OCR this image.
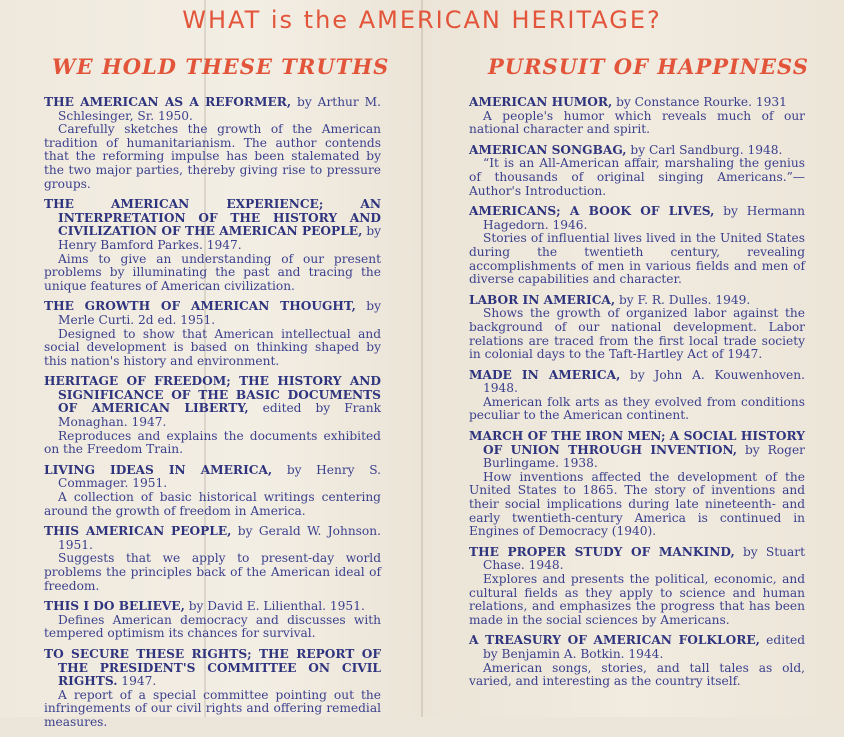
WHAT is the AMERICAN HERITAGE?
WE HOLD THESE TRUTHS	PURSUIT OF HAPPINESS
THE AMERICAN AS A REFORMER, by Arthur M. Schlesinger, Sr. 1950.
Carefully sketches the growth of the American tradition of humanitarianism. The author contends that the reforming impulse has been stalemated by the two major parties, thereby giving rise to pressure groups.
THE AMERICAN EXPERIENCE; AN INTERPRETATION OF THE HISTORY AND CIVILIZATION OF THE AMERICAN PEOPLE, by Henry Bamford Parkes. 1947.
Aims to give an understanding of our present problems by illuminating the past and tracing the unique features of American civilization.
THE GROWTH OF AMERICAN THOUGHT, by Merle Curti. 2d ed. 1951.
Designed to show that American intellectual and social development is based on thinking shaped by this nation's history and environment.
HERITAGE OF FREEDOM; THE HISTORY AND SIGNIFICANCE OF THE BASIC DOCUMENTS OF AMERICAN LIBERTY, edited by Frank Monaghan. 1947.
Reproduces and explains the documents exhibited on the Freedom Train.
LIVING IDEAS IN AMERICA, by Henry S. Commager. 1951.
A collection of basic historical writings centering around the growth of freedom in America.
THIS AMERICAN PEOPLE, by Gerald W. Johnson. 1951.
Suggests that we apply to present-day world problems the principles back of the American ideal of freedom.
THIS I DO BELIEVE, by David E. Lilienthal. 1951.
Defines American democracy and discusses with tempered optimism its chances for survival.
TO SECURE THESE RIGHTS; THE REPORT OF THE PRESIDENT'S COMMITTEE ON CIVIL RIGHTS. 1947.
A report of a special committee pointing out the infringements of our civil rights and offering remedial measures.
AMERICAN HUMOR, by Constance Rourke. 1931
A people's humor which reveals much of our national character and spirit.
AMERICAN SONGBAG, by Carl Sandburg. 1948.
“It is an All-American affair, marshaling the genius of thousands of original singing Americans.”—Author's Introduction.
AMERICANS; A BOOK OF LIVES, by Hermann Hagedorn. 1946.
Stories of influential lives lived in the United States during the twentieth century, revealing accomplishments of men in various fields and men of diverse capabilities and character.
LABOR IN AMERICA, by F. R. Dulles. 1949.
Shows the growth of organized labor against the background of our national development. Labor relations are traced from the first local trade society in colonial days to the Taft-Hartley Act of 1947.
MADE IN AMERICA, by John A. Kouwenhoven. 1948.
American folk arts as they evolved from conditions peculiar to the American continent.
MARCH OF THE IRON MEN; A SOCIAL HISTORY OF UNION THROUGH INVENTION, by Roger Burlingame. 1938.
How inventions affected the development of the United States to 1865. The story of inventions and their social implications during late nineteenth- and early twentieth-century America is continued in Engines of Democracy (1940).
THE PROPER STUDY OF MANKIND, by Stuart Chase. 1948.
Explores and presents the political, economic, and cultural fields as they apply to science and human relations, and emphasizes the progress that has been made in the social sciences by Americans.
A TREASURY OF AMERICAN FOLKLORE, edited by Benjamin A. Botkin. 1944.
American songs, stories, and tall tales as old, varied, and interesting as the country itself.
